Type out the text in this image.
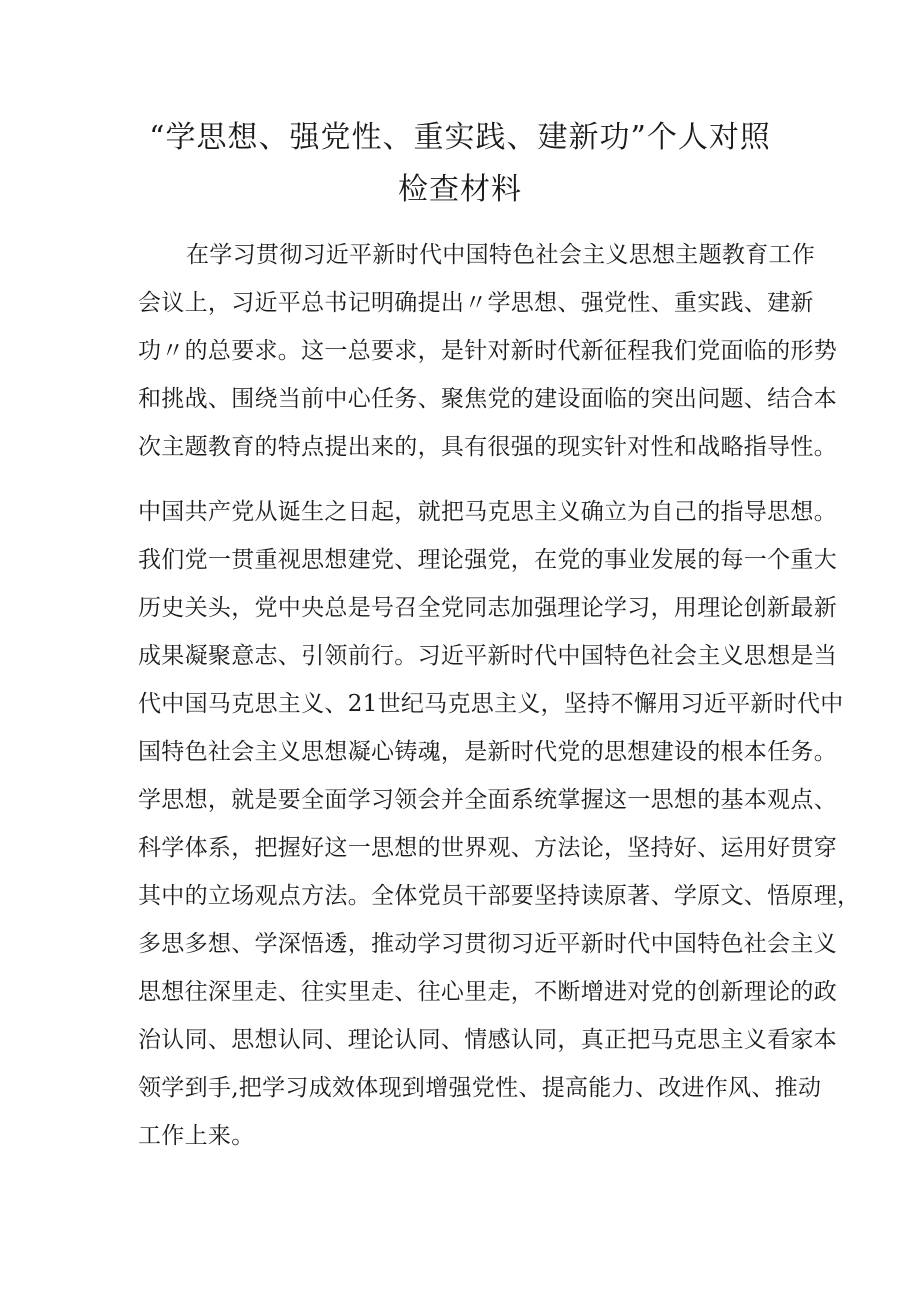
“学思想、强党性、重实践、建新功”个人对照
检查材料
在学习贯彻习近平新时代中国特色社会主义思想主题教育工作
会议上，习近平总书记明确提出〃学思想、强党性、重实践、建新
功〃的总要求。这一总要求，是针对新时代新征程我们党面临的形势
和挑战、围绕当前中心任务、聚焦党的建设面临的突出问题、结合本
次主题教育的特点提出来的，具有很强的现实针对性和战略指导性。
中国共产党从诞生之日起，就把马克思主义确立为自己的指导思想。
我们党一贯重视思想建党、理论强党，在党的事业发展的每一个重大
历史关头，党中央总是号召全党同志加强理论学习，用理论创新最新
成果凝聚意志、引领前行。习近平新时代中国特色社会主义思想是当
代中国马克思主义、21世纪马克思主义，坚持不懈用习近平新时代中
国特色社会主义思想凝心铸魂，是新时代党的思想建设的根本任务。
学思想，就是要全面学习领会并全面系统掌握这一思想的基本观点、
科学体系，把握好这一思想的世界观、方法论，坚持好、运用好贯穿
其中的立场观点方法。全体党员干部要坚持读原著、学原文、悟原理，
多思多想、学深悟透，推动学习贯彻习近平新时代中国特色社会主义
思想往深里走、往实里走、往心里走，不断增进对党的创新理论的政
治认同、思想认同、理论认同、情感认同，真正把马克思主义看家本
领学到手,把学习成效体现到增强党性、提高能力、改进作风、推动
工作上来。
